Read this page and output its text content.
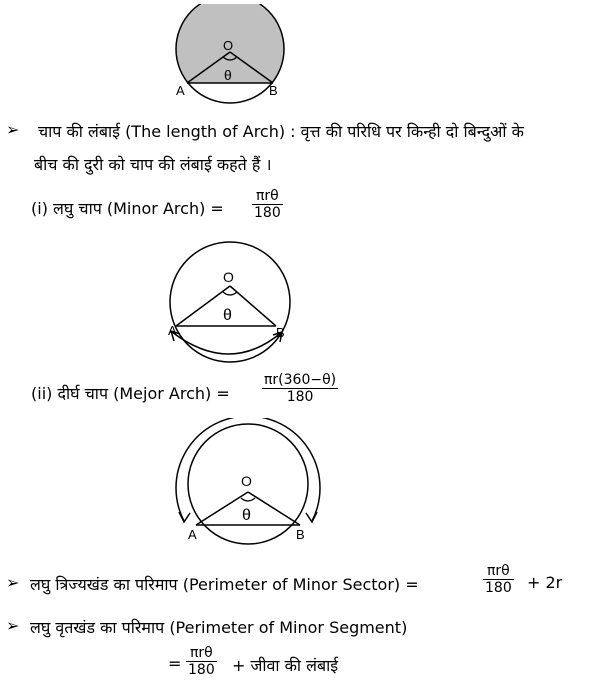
O
θ
A	B
➢ चाप की लंबाई (The length of Arch) : वृत्त की परिधि पर किन्ही दो बिन्दुओं के
बीच की दुरी को चाप की लंबाई कहते हैं ।
(i) लघु चाप (Minor Arch) =
πrθ
180
O
θ
A	B
(ii) दीर्घ चाप (Mejor Arch) = $\frac{\pi r(360-\theta)}{180}$
O
θ
A	B
➢ लघु त्रिज्यखंड का परिमाप (Perimeter of Minor Sector) =
πrθ
180 + 2r
➢ लघु वृतखंड का परिमाप (Perimeter of Minor Segment)
=
πrθ
180 + जीवा की लंबाई
